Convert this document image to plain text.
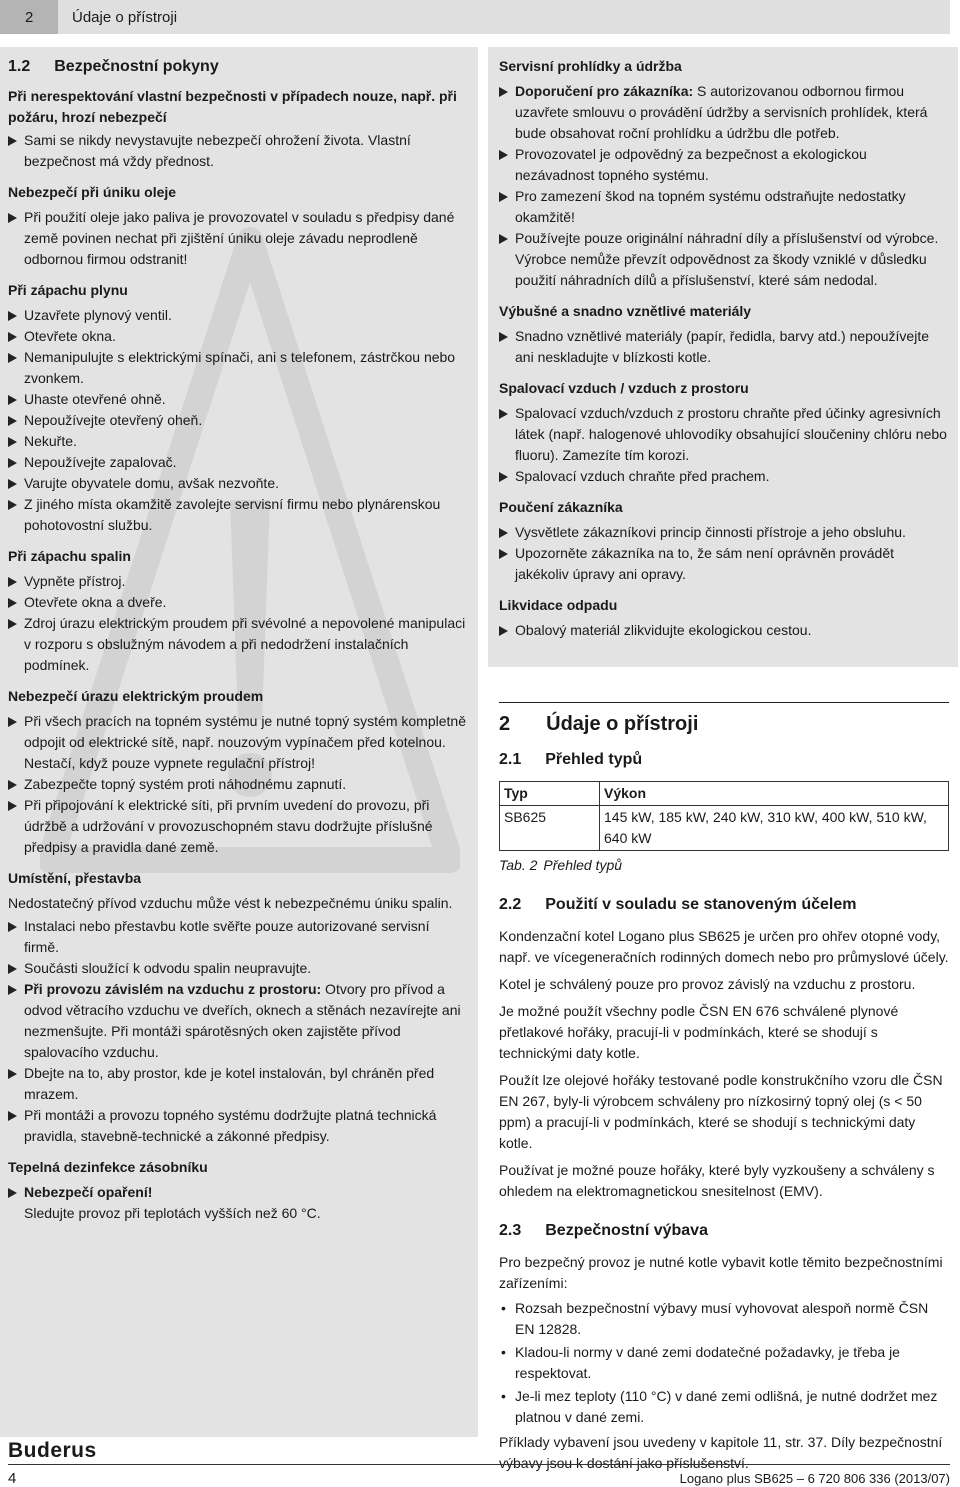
2	Údaje o přístroji
1.2 Bezpečnostní pokyny

Při nerespektování vlastní bezpečnosti v případech nouze, např. při požáru, hrozí nebezpečí

Sami se nikdy nevystavujte nebezpečí ohrožení života. Vlastní bezpečnost má vždy přednost.
Nebezpečí při úniku oleje
Při použití oleje jako paliva je provozovatel v souladu s předpisy dané země povinen nechat při zjištění úniku oleje závadu neprodleně odbornou firmou odstranit!
Při zápachu plynu
Uzavřete plynový ventil.
Otevřete okna.
Nemanipulujte s elektrickými spínači, ani s telefonem, zástrčkou nebo zvonkem.
Uhaste otevřené ohně.
Nepoužívejte otevřený oheň.
Nekuřte.
Nepoužívejte zapalovač.
Varujte obyvatele domu, avšak nezvoňte.
Z jiného místa okamžitě zavolejte servisní firmu nebo plynárenskou pohotovostní službu.
Při zápachu spalin
Vypněte přístroj.
Otevřete okna a dveře.
Zdroj úrazu elektrickým proudem při svévolné a nepovolené manipulaci v rozporu s obslužným návodem a při nedodržení instalačních podmínek.
Nebezpečí úrazu elektrickým proudem
Při všech pracích na topném systému je nutné topný systém kompletně odpojit od elektrické sítě, např. nouzovým vypínačem před kotelnou. Nestačí, když pouze vypnete regulační přístroj!
Zabezpečte topný systém proti náhodnému zapnutí.
Při připojování k elektrické síti, při prvním uvedení do provozu, při údržbě a udržování v provozuschopném stavu dodržujte příslušné předpisy a pravidla dané země.
Umístění, přestavba

Nedostatečný přívod vzduchu může vést k nebezpečnému úniku spalin.

Instalaci nebo přestavbu kotle svěřte pouze autorizované servisní firmě.
Součásti sloužící k odvodu spalin neupravujte.
Při provozu závislém na vzduchu z prostoru: Otvory pro přívod a odvod větracího vzduchu ve dveřích, oknech a stěnách nezavírejte ani nezmenšujte. Při montáži spárotěsných oken zajistěte přívod spalovacího vzduchu.
Dbejte na to, aby prostor, kde je kotel instalován, byl chráněn před mrazem.
Při montáži a provozu topného systému dodržujte platná technická pravidla, stavebně-technické a zákonné předpisy.
Tepelná dezinfekce zásobníku
Nebezpečí opaření!
Sledujte provoz při teplotách vyšších než 60 °C.
Servisní prohlídky a údržba
Doporučení pro zákazníka: S autorizovanou odbornou firmou uzavřete smlouvu o provádění údržby a servisních prohlídek, která bude obsahovat roční prohlídku a údržbu dle potřeb.
Provozovatel je odpovědný za bezpečnost a ekologickou nezávadnost topného systému.
Pro zamezení škod na topném systému odstraňujte nedostatky okamžitě!
Používejte pouze originální náhradní díly a příslušenství od výrobce. Výrobce nemůže převzít odpovědnost za škody vzniklé v důsledku použití náhradních dílů a příslušenství, které sám nedodal.
Výbušné a snadno vznětlivé materiály
Snadno vznětlivé materiály (papír, ředidla, barvy atd.) nepoužívejte ani neskladujte v blízkosti kotle.
Spalovací vzduch / vzduch z prostoru
Spalovací vzduch/vzduch z prostoru chraňte před účinky agresivních látek (např. halogenové uhlovodíky obsahující sloučeniny chlóru nebo fluoru). Zamezíte tím korozi.
Spalovací vzduch chraňte před prachem.
Poučení zákazníka
Vysvětlete zákazníkovi princip činnosti přístroje a jeho obsluhu.
Upozorněte zákazníka na to, že sám není oprávněn provádět jakékoliv úpravy ani opravy.
Likvidace odpadu
Obalový materiál zlikvidujte ekologickou cestou.
2 Údaje o přístroji
2.1 Přehled typů
Typ	Výkon
SB625	145 kW, 185 kW, 240 kW, 310 kW, 400 kW, 510 kW, 640 kW
Tab. 2 Přehled typů
2.2 Použití v souladu se stanoveným účelem

Kondenzační kotel Logano plus SB625 je určen pro ohřev otopné vody, např. ve vícegeneračních rodinných domech nebo pro průmyslové účely.

Kotel je schválený pouze pro provoz závislý na vzduchu z prostoru.

Je možné použít všechny podle ČSN EN 676 schválené plynové přetlakové hořáky, pracují-li v podmínkách, které se shodují s technickými daty kotle.

Použít lze olejové hořáky testované podle konstrukčního vzoru dle ČSN EN 267, byly-li výrobcem schváleny pro nízkosirný topný olej (s < 50 ppm) a pracují-li v podmínkách, které se shodují s technickými daty kotle.

Používat je možné pouze hořáky, které byly vyzkoušeny a schváleny s ohledem na elektromagnetickou snesitelnost (EMV).

2.3 Bezpečnostní výbava

Pro bezpečný provoz je nutné kotle vybavit kotle těmito bezpečnostními zařízeními:

• Rozsah bezpečnostní výbavy musí vyhovovat alespoň normě ČSN EN 12828.
• Kladou-li normy v dané zemi dodatečné požadavky, je třeba je respektovat.
• Je-li mez teploty (110 °C) v dané zemi odlišná, je nutné dodržet mez platnou v dané zemi.

Příklady vybavení jsou uvedeny v kapitole 11, str. 37. Díly bezpečnostní výbavy jsou k dostání jako příslušenství.

Buderus
4	Logano plus SB625 – 6 720 806 336 (2013/07)
